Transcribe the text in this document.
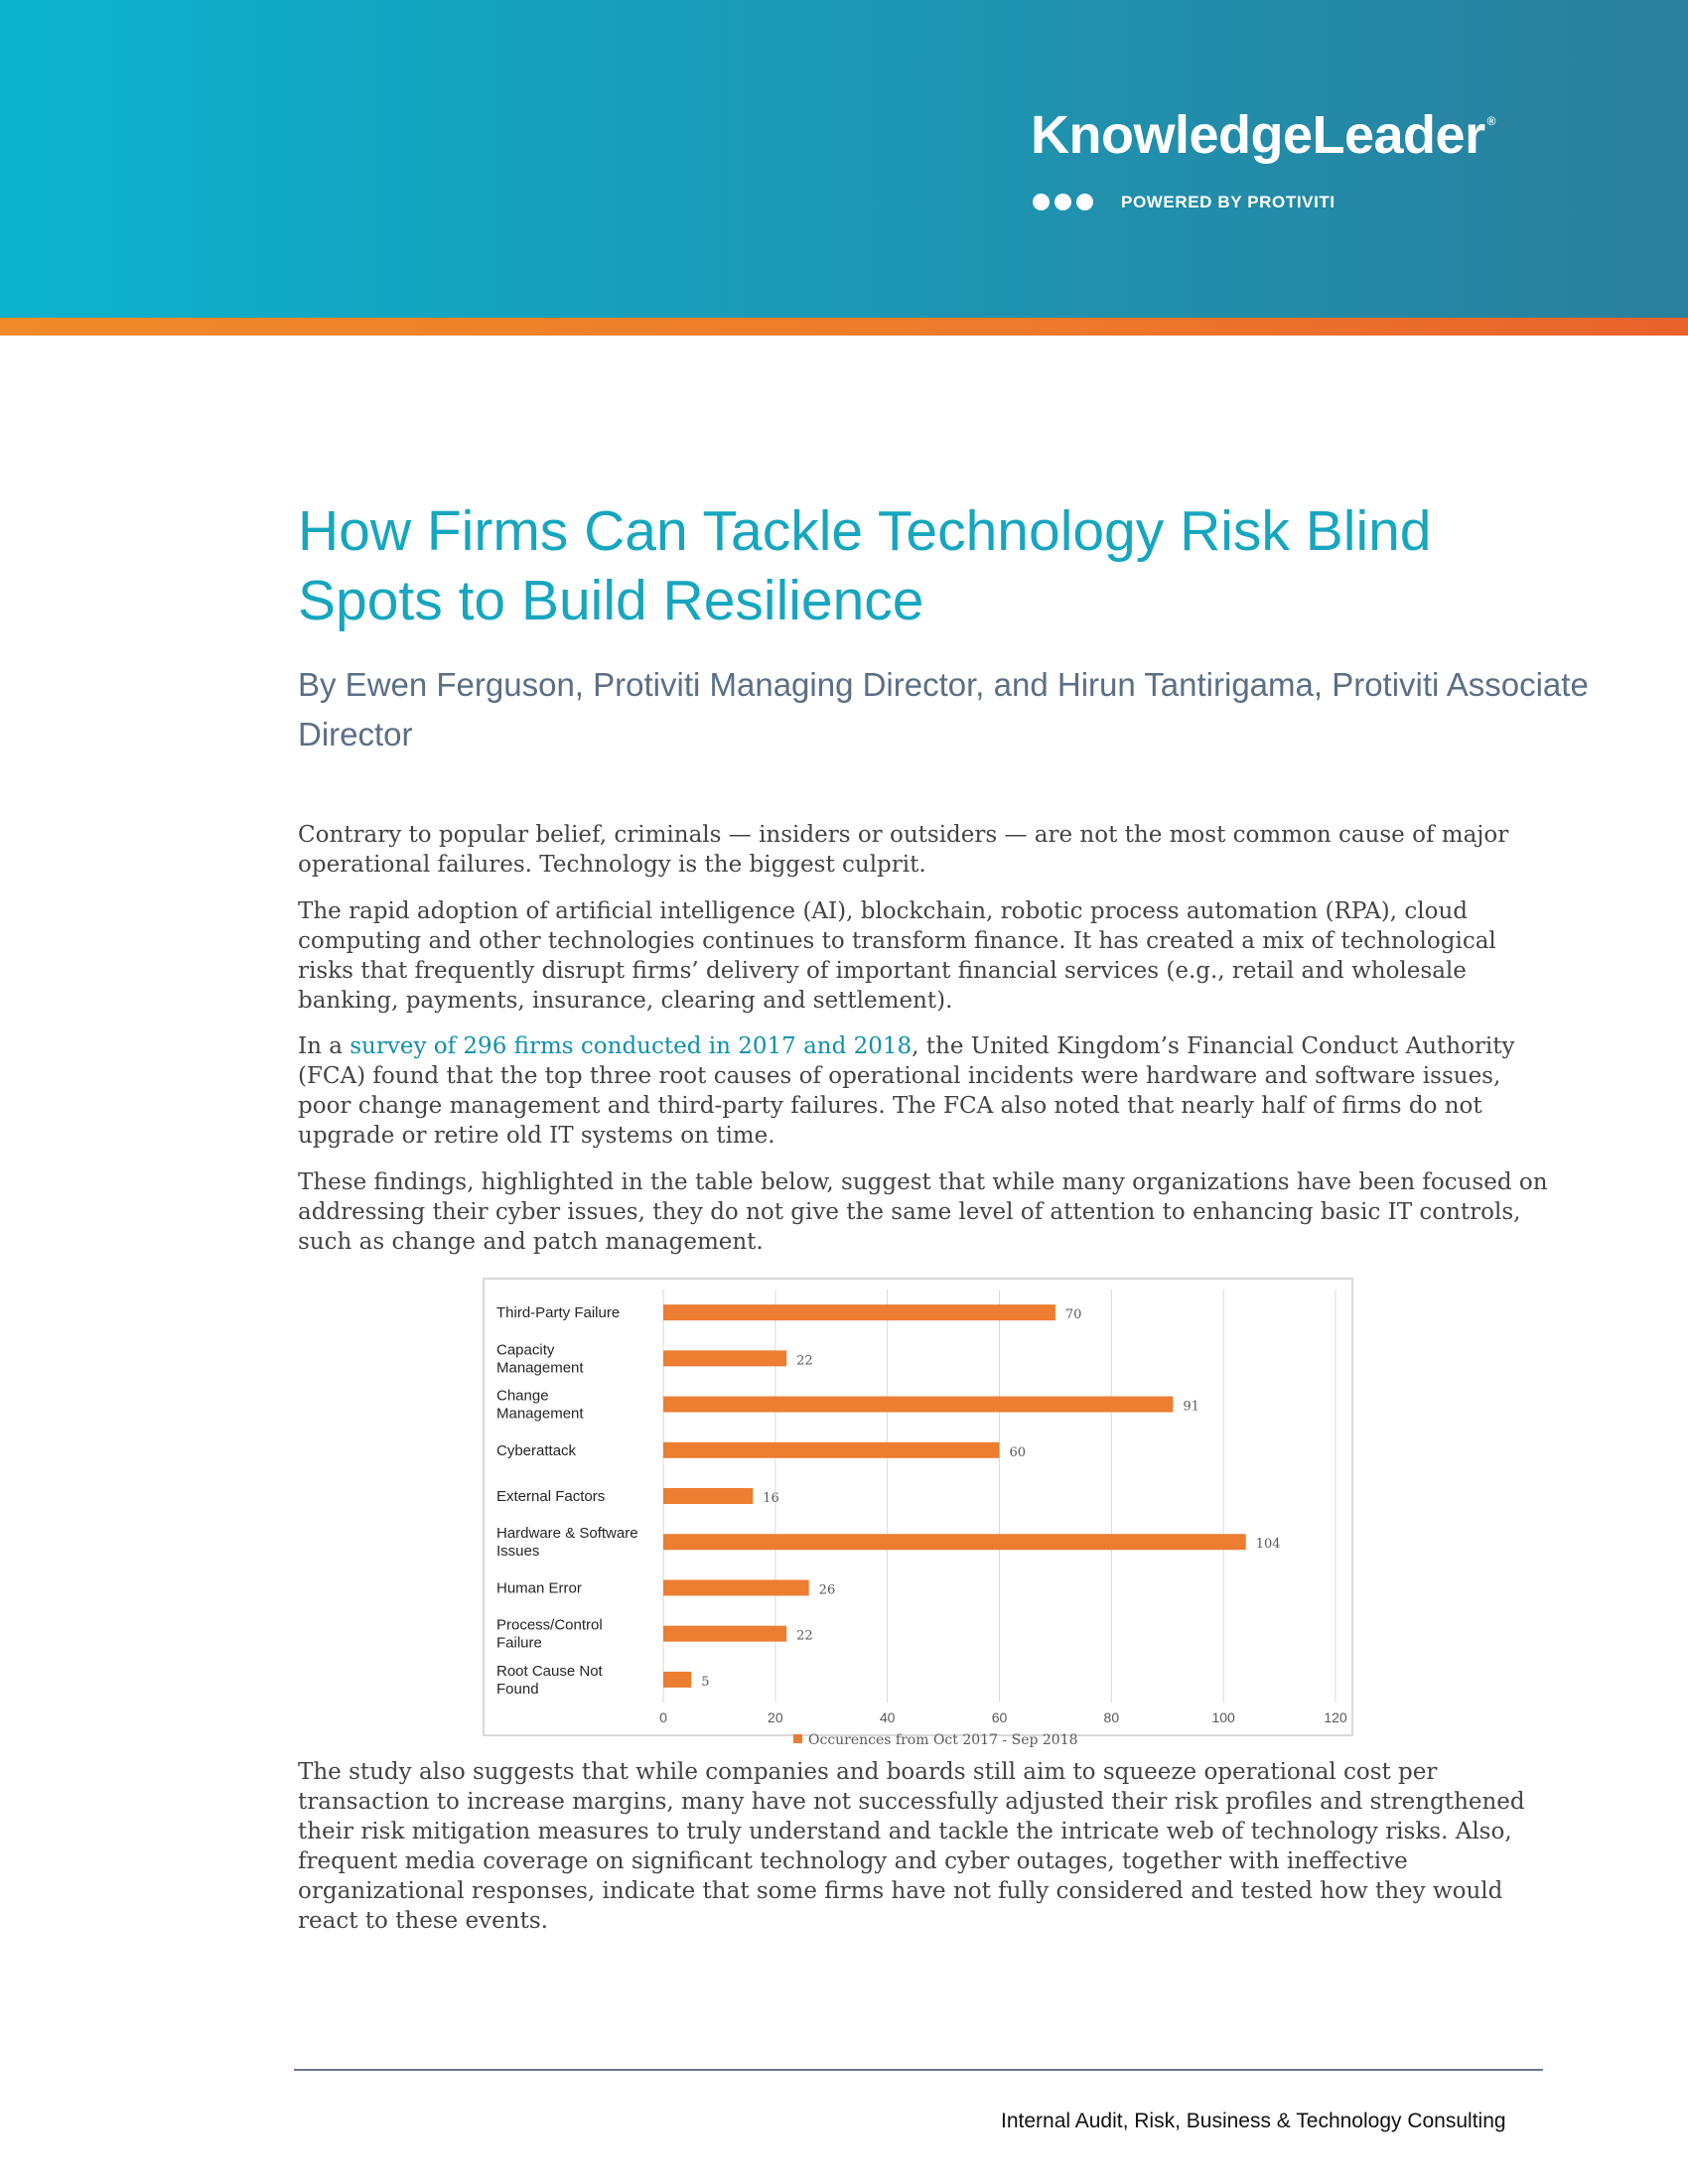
KnowledgeLeader ®
POWERED BY PROTIVITI
How Firms Can Tackle Technology Risk Blind Spots to Build Resilience

By Ewen Ferguson, Protiviti Managing Director, and Hirun Tantirigama, Protiviti Associate Director

Contrary to popular belief, criminals — insiders or outsiders — are not the most common cause of major operational failures. Technology is the biggest culprit.

The rapid adoption of artificial intelligence (AI), blockchain, robotic process automation (RPA), cloud computing and other technologies continues to transform finance. It has created a mix of technological risks that frequently disrupt firms’ delivery of important financial services (e.g., retail and wholesale banking, payments, insurance, clearing and settlement).

In a survey of 296 firms conducted in 2017 and 2018, the United Kingdom’s Financial Conduct Authority (FCA) found that the top three root causes of operational incidents were hardware and software issues, poor change management and third-party failures. The FCA also noted that nearly half of firms do not upgrade or retire old IT systems on time.

These findings, highlighted in the table below, suggest that while many organizations have been focused on addressing their cyber issues, they do not give the same level of attention to enhancing basic IT controls, such as change and patch management.

0	20	40	60	80	100	120
Third-Party Failure	70
Capacity Management	22
Change Management	91
Cyberattack	60
External Factors	16
Hardware & Software Issues	104
Human Error	26
Process/Control Failure	22
Root Cause Not Found	5
Occurences from Oct 2017 - Sep 2018

The study also suggests that while companies and boards still aim to squeeze operational cost per transaction to increase margins, many have not successfully adjusted their risk profiles and strengthened their risk mitigation measures to truly understand and tackle the intricate web of technology risks. Also, frequent media coverage on significant technology and cyber outages, together with ineffective organizational responses, indicate that some firms have not fully considered and tested how they would react to these events.

Internal Audit, Risk, Business & Technology Consulting
